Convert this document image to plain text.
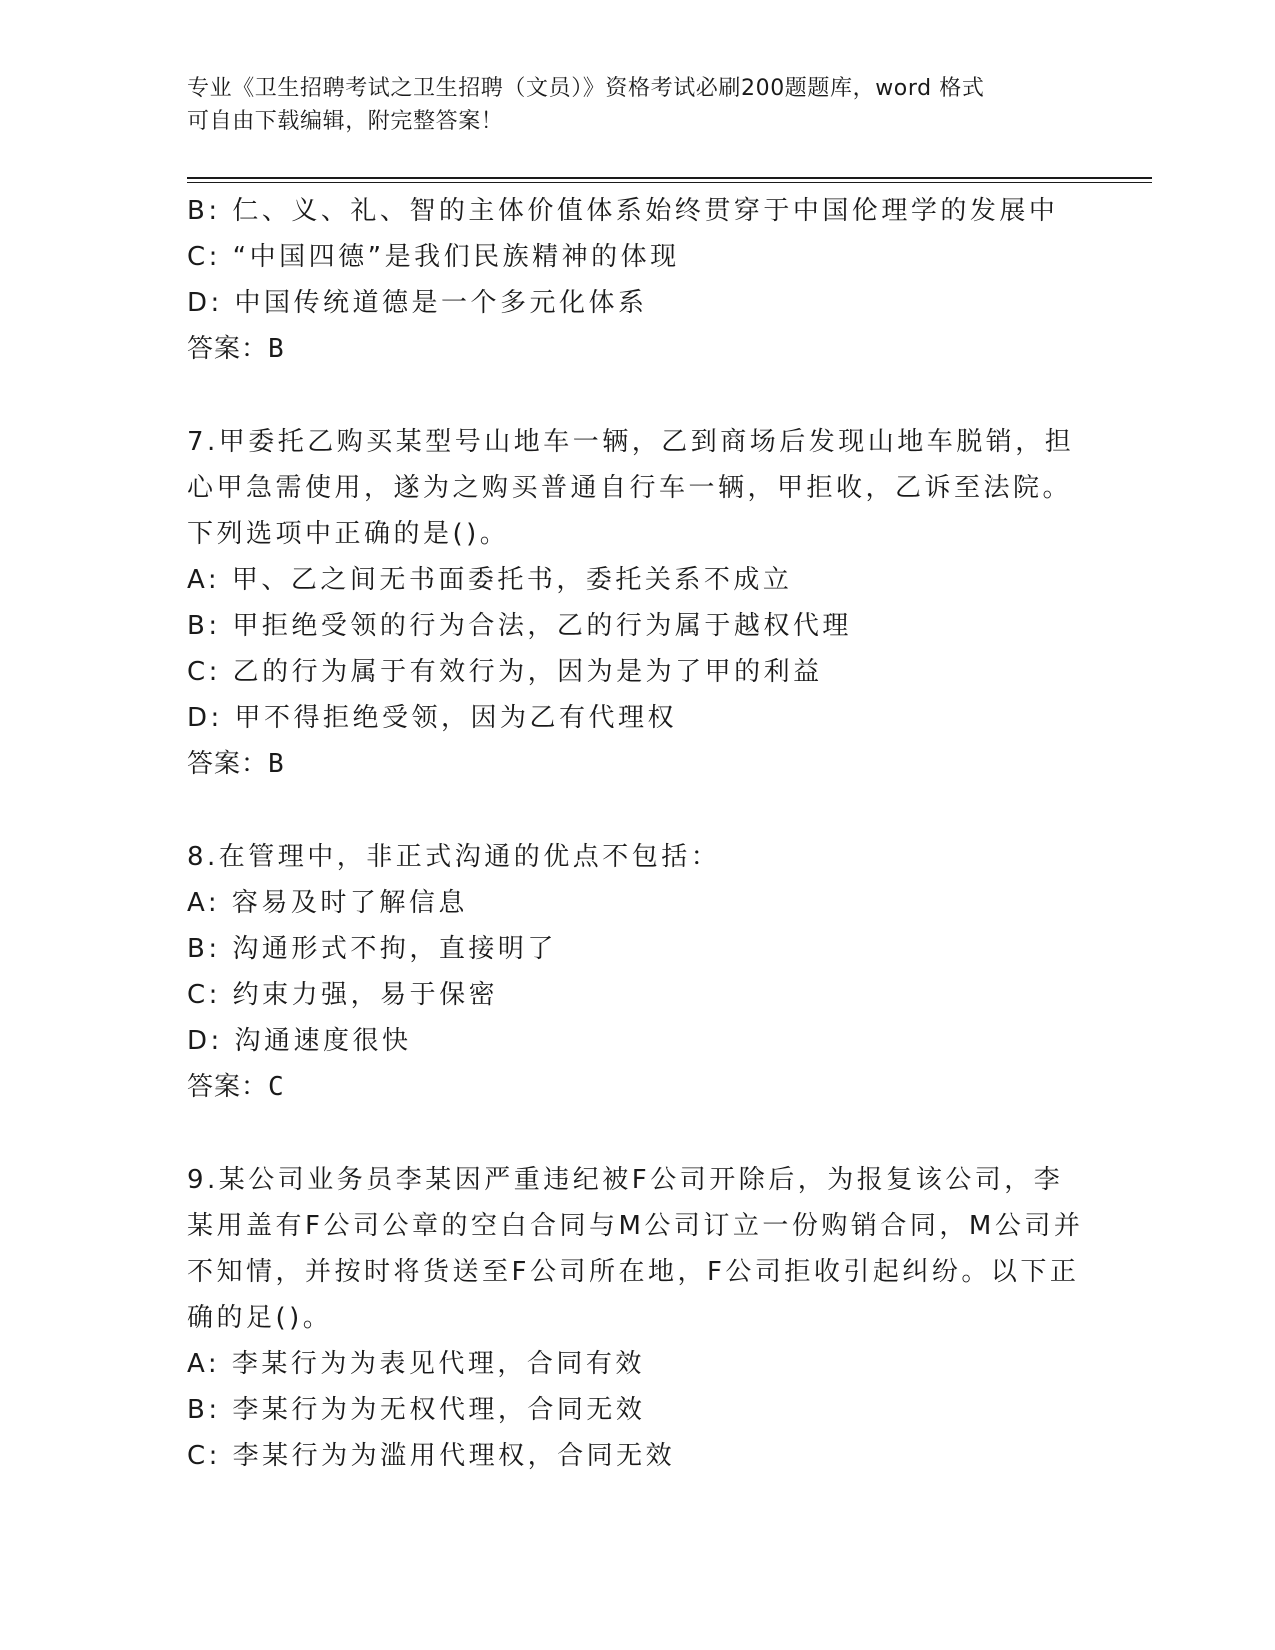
专业《卫生招聘考试之卫生招聘（文员）》资格考试必刷200题题库，word 格式
可自由下载编辑，附完整答案！
B: 仁、义、礼、智的主体价值体系始终贯穿于中国伦理学的发展中
C: “中国四德”是我们民族精神的体现
D: 中国传统道德是一个多元化体系
答案：B
7.甲委托乙购买某型号山地车一辆，乙到商场后发现山地车脱销，担
心甲急需使用，遂为之购买普通自行车一辆，甲拒收，乙诉至法院。
下列选项中正确的是()。
A: 甲、乙之间无书面委托书，委托关系不成立
B: 甲拒绝受领的行为合法，乙的行为属于越权代理
C: 乙的行为属于有效行为，因为是为了甲的利益
D: 甲不得拒绝受领，因为乙有代理权
答案：B
8.在管理中，非正式沟通的优点不包括：
A: 容易及时了解信息
B: 沟通形式不拘，直接明了
C: 约束力强，易于保密
D: 沟通速度很快
答案：C
9.某公司业务员李某因严重违纪被F公司开除后，为报复该公司，李
某用盖有F公司公章的空白合同与M公司订立一份购销合同，M公司并
不知情，并按时将货送至F公司所在地，F公司拒收引起纠纷。以下正
确的足()。
A: 李某行为为表见代理，合同有效
B: 李某行为为无权代理，合同无效
C: 李某行为为滥用代理权，合同无效
